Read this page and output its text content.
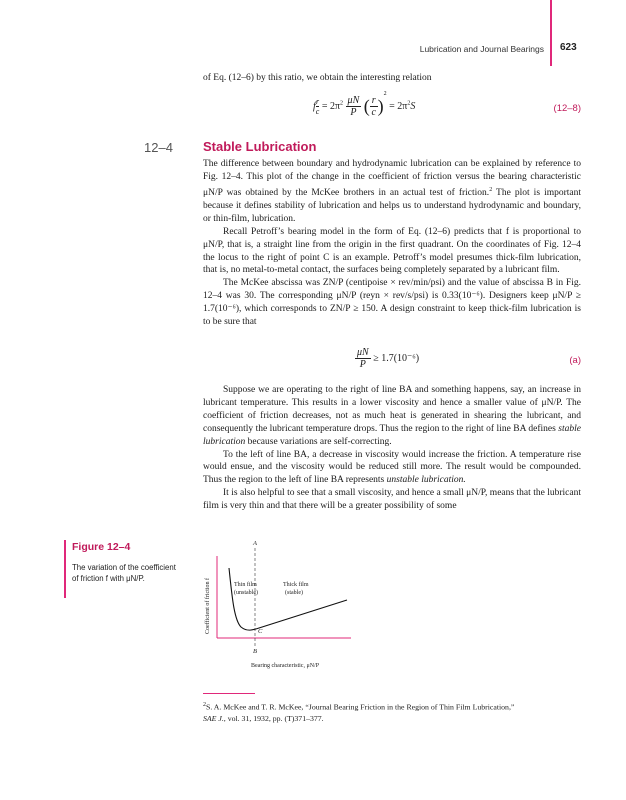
Lubrication and Journal Bearings 623

of Eq. (12–6) by this ratio, we obtain the interesting relation

f $\frac{r}{c} = 2\pi^2 \frac{\mu N}{P}$ ( $\frac{r}{c} )^2 = 2\pi^2S$	(12–8)
12–4 Stable Lubrication

The difference between boundary and hydrodynamic lubrication can be explained by reference to Fig. 12–4. This plot of the change in the coefficient of friction versus the bearing characteristic μN/P was obtained by the McKee brothers in an actual test of friction.$^2$ The plot is important because it defines stability of lubrication and helps us to understand hydrodynamic and boundary, or thin-film, lubrication.

Recall Petroff’s bearing model in the form of Eq. (12–6) predicts that f is proportional to μN/P, that is, a straight line from the origin in the first quadrant. On the coordinates of Fig. 12–4 the locus to the right of point C is an example. Petroff’s model presumes thick-film lubrication, that is, no metal-to-metal contact, the surfaces being completely separated by a lubricant film.

The McKee abscissa was ZN/P (centipoise × rev/min/psi) and the value of abscissa B in Fig. 12–4 was 30. The corresponding μN/P (reyn × rev/s/psi) is 0.33(10⁻⁶). Designers keep μN/P ≥ 1.7(10⁻⁶), which corresponds to ZN/P ≥ 150. A design constraint to keep thick-film lubrication is to be sure that

$\frac{\mu N}{P} \ge 1.7(10^{-6})$	(a)

Suppose we are operating to the right of line BA and something happens, say, an increase in lubricant temperature. This results in a lower viscosity and hence a smaller value of μN/P. The coefficient of friction decreases, not as much heat is generated in shearing the lubricant, and consequently the lubricant temperature drops. Thus the region to the right of line BA defines stable lubrication because variations are self-correcting.

To the left of line BA, a decrease in viscosity would increase the friction. A temperature rise would ensue, and the viscosity would be reduced still more. The result would be compounded. Thus the region to the left of line BA represents unstable lubrication.

It is also helpful to see that a small viscosity, and hence a small μN/P, means that the lubricant film is very thin and that there will be a greater possibility of some

Figure 12–4
The variation of the coefficient of friction f with μN/P.
A
B
C
Thin film
(unstable)
Thick film
(stable)
Bearing characteristic, μN/P
Coefficient of friction f
$^2$S. A. McKee and T. R. McKee, “Journal Bearing Friction in the Region of Thin Film Lubrication,”
SAE J., vol. 31, 1932, pp. (T)371–377.
